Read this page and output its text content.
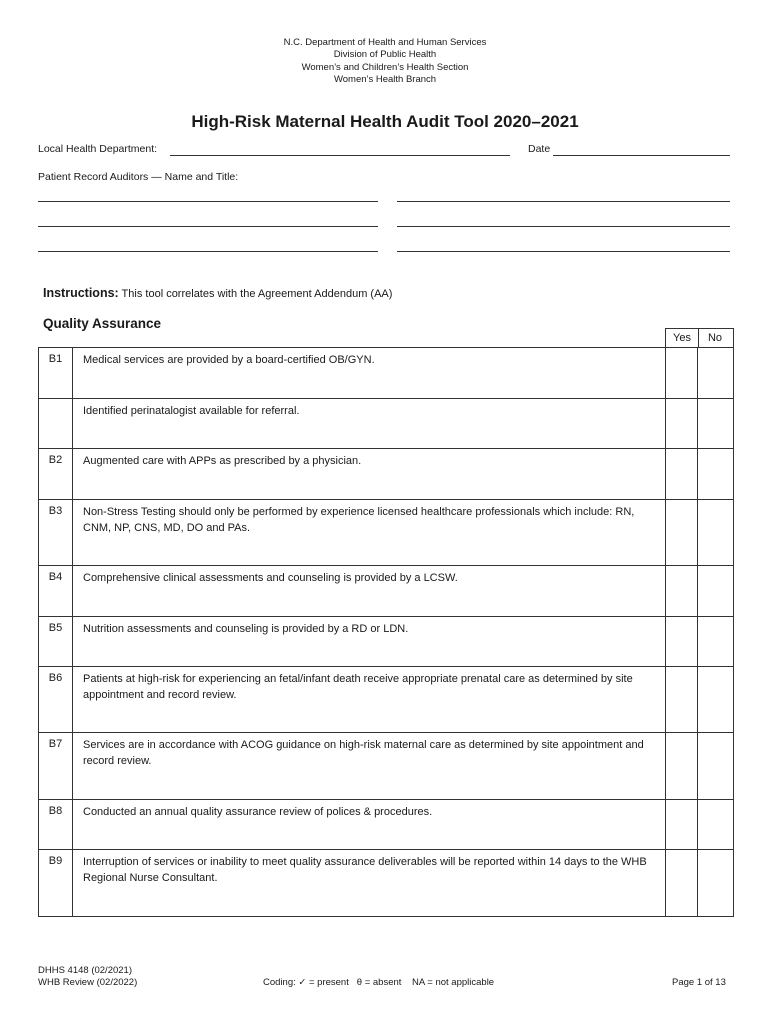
N.C. Department of Health and Human Services
Division of Public Health
Women’s and Children’s Health Section
Women’s Health Branch
High-Risk Maternal Health Audit Tool 2020–2021
Local Health Department:	Date
Patient Record Auditors — Name and Title:
Instructions: This tool correlates with the Agreement Addendum (AA)
Quality Assurance
Yes	No
B1	Medical services are provided by a board-certified OB/GYN.		
	Identified perinatalogist available for referral.		
B2	Augmented care with APPs as prescribed by a physician.		
B3	Non-Stress Testing should only be performed by experience licensed healthcare professionals which include: RN, CNM, NP, CNS, MD, DO and PAs.		
B4	Comprehensive clinical assessments and counseling is provided by a LCSW.		
B5	Nutrition assessments and counseling is provided by a RD or LDN.		
B6	Patients at high-risk for experiencing an fetal/infant death receive appropriate prenatal care as determined by site appointment and record review.		
B7	Services are in accordance with ACOG guidance on high-risk maternal care as determined by site appointment and record review.		
B8	Conducted an annual quality assurance review of polices & procedures.		
B9	Interruption of services or inability to meet quality assurance deliverables will be reported within 14 days to the WHB Regional Nurse Consultant.		
DHHS 4148 (02/2021)
WHB Review (02/2022)	Coding: ✓ = present   θ = absent    NA = not applicable	Page 1 of 13
